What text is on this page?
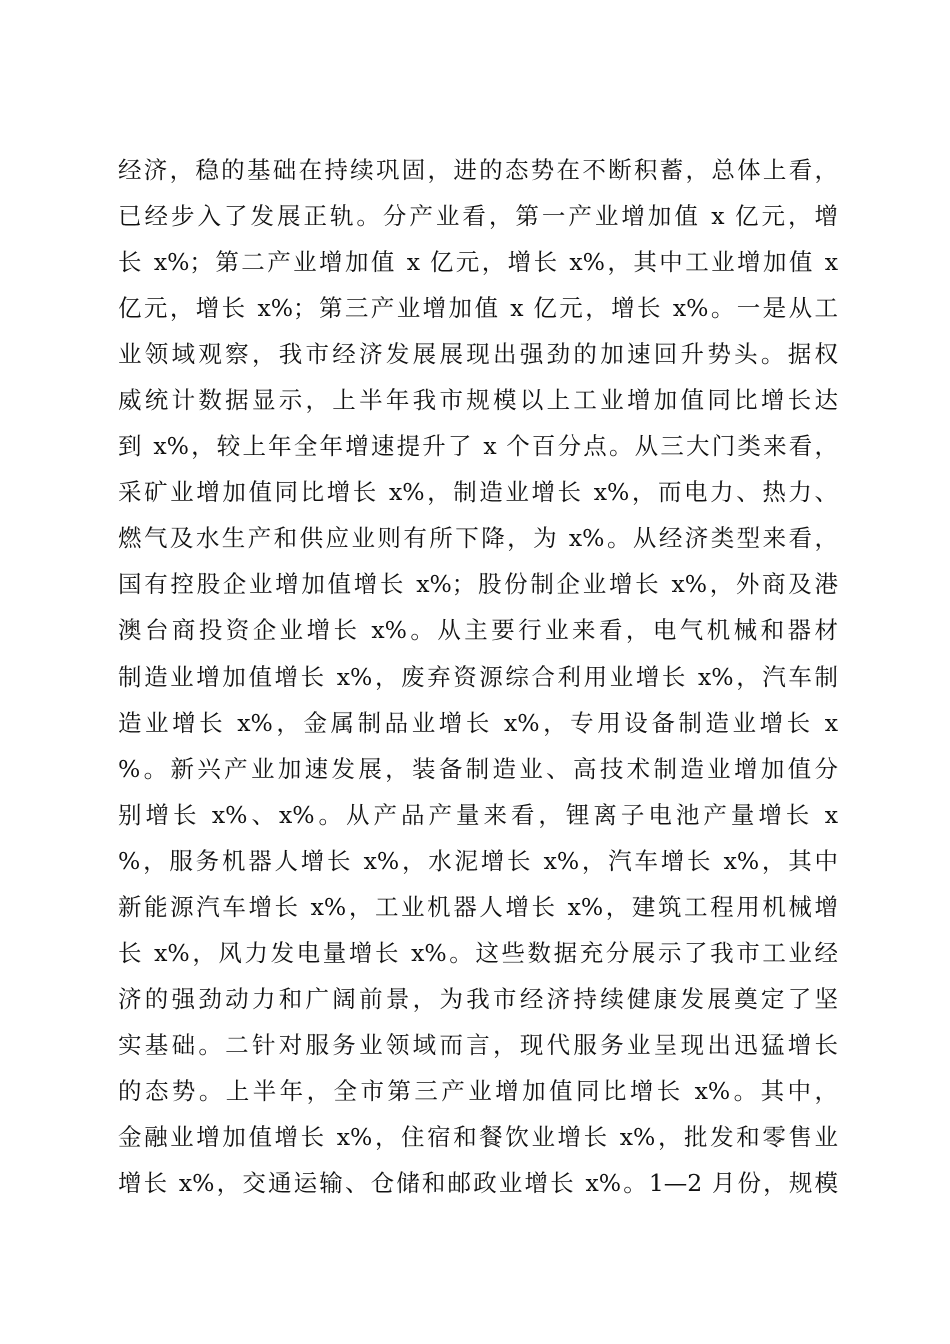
经济，稳的基础在持续巩固，进的态势在不断积蓄，总体上看，
已经步入了发展正轨。分产业看，第一产业增加值 x 亿元，增
长 x%；第二产业增加值 x 亿元，增长 x%，其中工业增加值 x
亿元，增长 x%；第三产业增加值 x 亿元，增长 x%。一是从工
业领域观察，我市经济发展展现出强劲的加速回升势头。据权
威统计数据显示，上半年我市规模以上工业增加值同比增长达
到 x%，较上年全年增速提升了 x 个百分点。从三大门类来看，
采矿业增加值同比增长 x%，制造业增长 x%，而电力、热力、
燃气及水生产和供应业则有所下降，为 x%。从经济类型来看，
国有控股企业增加值增长 x%；股份制企业增长 x%，外商及港
澳台商投资企业增长 x%。从主要行业来看，电气机械和器材
制造业增加值增长 x%，废弃资源综合利用业增长 x%，汽车制
造业增长 x%，金属制品业增长 x%，专用设备制造业增长 x
%。新兴产业加速发展，装备制造业、高技术制造业增加值分
别增长 x%、x%。从产品产量来看，锂离子电池产量增长 x
%，服务机器人增长 x%，水泥增长 x%，汽车增长 x%，其中
新能源汽车增长 x%，工业机器人增长 x%，建筑工程用机械增
长 x%，风力发电量增长 x%。这些数据充分展示了我市工业经
济的强劲动力和广阔前景，为我市经济持续健康发展奠定了坚
实基础。二针对服务业领域而言，现代服务业呈现出迅猛增长
的态势。上半年，全市第三产业增加值同比增长 x%。其中，
金融业增加值增长 x%，住宿和餐饮业增长 x%，批发和零售业
增长 x%，交通运输、仓储和邮政业增长 x%。1—2 月份，规模
